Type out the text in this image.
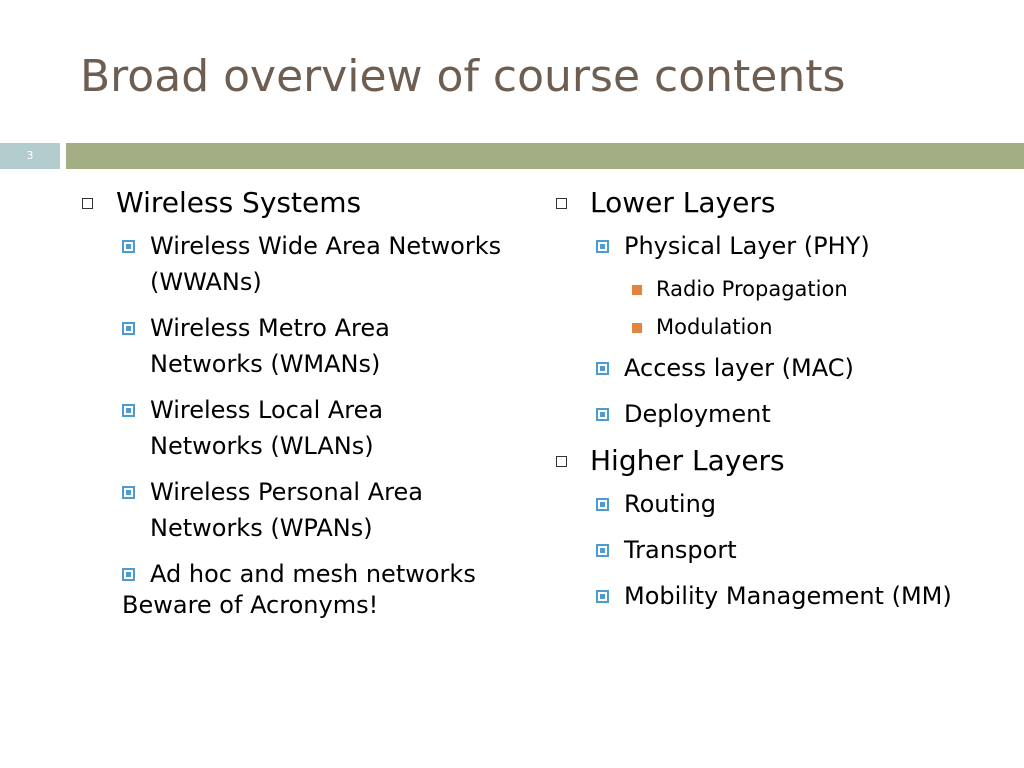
Broad overview of course contents
3
Wireless Systems
Wireless Wide Area Networks (WWANs)
Wireless Metro Area Networks (WMANs)
Wireless Local Area Networks (WLANs)
Wireless Personal Area Networks (WPANs)
Ad hoc and mesh networks
Beware of Acronyms!
Lower Layers
Physical Layer (PHY)
Radio Propagation
Modulation
Access layer (MAC)
Deployment
Higher Layers
Routing
Transport
Mobility Management (MM)
